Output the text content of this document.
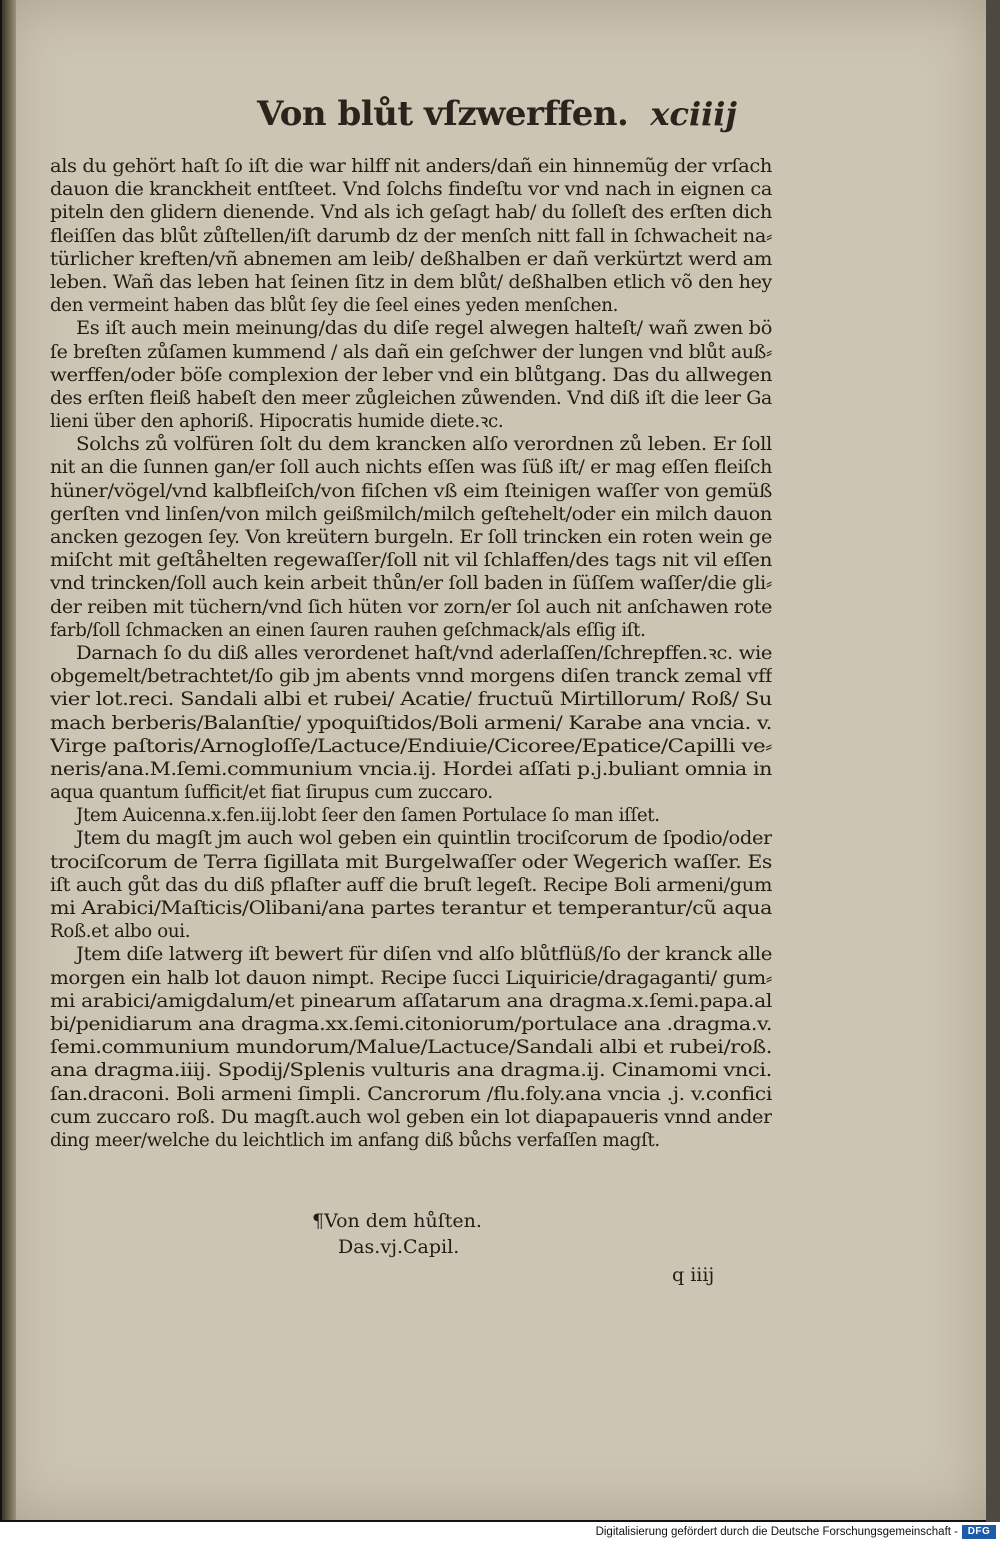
Von blůt vſzwerffen. xciiij
als du gehört haſt ſo iſt die war hilff nit anders/dañ ein hinnemũg der vrſach
dauon die kranckheit entſteet. Vnd ſolchs findeſtu vor vnd nach in eignen ca
piteln den glidern dienende. Vnd als ich geſagt hab/ du ſolleſt des erſten dich
fleiſſen das blůt zůſtellen/iſt darumb dz der menſch nitt fall in ſchwacheit na⸗
türlicher kreften/vñ abnemen am leib/ deßhalben er dañ verkürtzt werd am
leben. Wañ das leben hat ſeinen ſitz in dem blůt/ deßhalben etlich võ den hey
den vermeint haben das blůt ſey die ſeel eines yeden menſchen.
Es iſt auch mein meinung/das du diſe regel alwegen halteſt/ wañ zwen bö
ſe breſten zůſamen kummend / als dañ ein geſchwer der lungen vnd blůt auß⸗
werffen/oder böſe complexion der leber vnd ein blůtgang. Das du allwegen
des erſten fleiß habeſt den meer zůgleichen zůwenden. Vnd diß iſt die leer Ga
lieni über den aphoriß. Hipocratis humide diete.ꝛc.
Solchs zů volfüren ſolt du dem krancken alſo verordnen zů leben. Er ſoll
nit an die ſunnen gan/er ſoll auch nichts eſſen was ſüß iſt/ er mag eſſen fleiſch
hüner/vögel/vnd kalbfleiſch/von fiſchen vß eim ſteinigen waſſer von gemüß
gerſten vnd linſen/von milch geißmilch/milch geſtehelt/oder ein milch dauon
ancken gezogen ſey. Von kreütern burgeln. Er ſoll trincken ein roten wein ge
miſcht mit geſtåhelten regewaſſer/ſoll nit vil ſchlaffen/des tags nit vil eſſen
vnd trincken/ſoll auch kein arbeit thůn/er ſoll baden in ſüſſem waſſer/die gli⸗
der reiben mit tüchern/vnd ſich hüten vor zorn/er ſol auch nit anſchawen rote
farb/ſoll ſchmacken an einen ſauren rauhen geſchmack/als eſſig iſt.
Darnach ſo du diß alles verordenet haſt/vnd aderlaſſen/ſchrepffen.ꝛc. wie
obgemelt/betrachtet/ſo gib jm abents vnnd morgens diſen tranck zemal vff
vier lot.reci. Sandali albi et rubei/ Acatie/ fructuũ Mirtillorum/ Roß/ Su
mach berberis/Balanſtie/ ypoquiſtidos/Boli armeni/ Karabe ana vncia. v.
Virge paſtoris/Arnogloſſe/Lactuce/Endiuie/Cicoree/Epatice/Capilli ve⸗
neris/ana.M.ſemi.communium vncia.ij. Hordei aſſati p.j.buliant omnia in
aqua quantum ſufficit/et fiat ſirupus cum zuccaro.
Jtem Auicenna.x.fen.iij.lobt ſeer den ſamen Portulace ſo man iſſet.
Jtem du magſt jm auch wol geben ein quintlin trociſcorum de ſpodio/oder
trociſcorum de Terra ſigillata mit Burgelwaſſer oder Wegerich waſſer. Es
iſt auch gůt das du diß pflaſter auff die bruſt legeſt. Recipe Boli armeni/gum
mi Arabici/Maſticis/Olibani/ana partes terantur et temperantur/cũ aqua
Roß.et albo oui.
Jtem diſe latwerg iſt bewert für diſen vnd alſo blůtflüß/ſo der kranck alle
morgen ein halb lot dauon nimpt. Recipe ſucci Liquiricie/dragaganti/ gum⸗
mi arabici/amigdalum/et pinearum aſſatarum ana dragma.x.ſemi.papa.al
bi/penidiarum ana dragma.xx.ſemi.citoniorum/portulace ana .dragma.v.
ſemi.communium mundorum/Malue/Lactuce/Sandali albi et rubei/roß.
ana dragma.iiij. Spodij/Splenis vulturis ana dragma.ij. Cinamomi vnci.
ſan.draconi. Boli armeni ſimpli. Cancrorum /flu.foly.ana vncia .j. v.confici
cum zuccaro roß. Du magſt.auch wol geben ein lot diapapaueris vnnd ander
ding meer/welche du leichtlich im anfang diß bůchs verfaſſen magſt.
¶Von dem hůſten.
Das.vj.Capil.
q iiij
Digitalisierung gefördert durch die Deutsche Forschungsgemeinschaft - DFG
